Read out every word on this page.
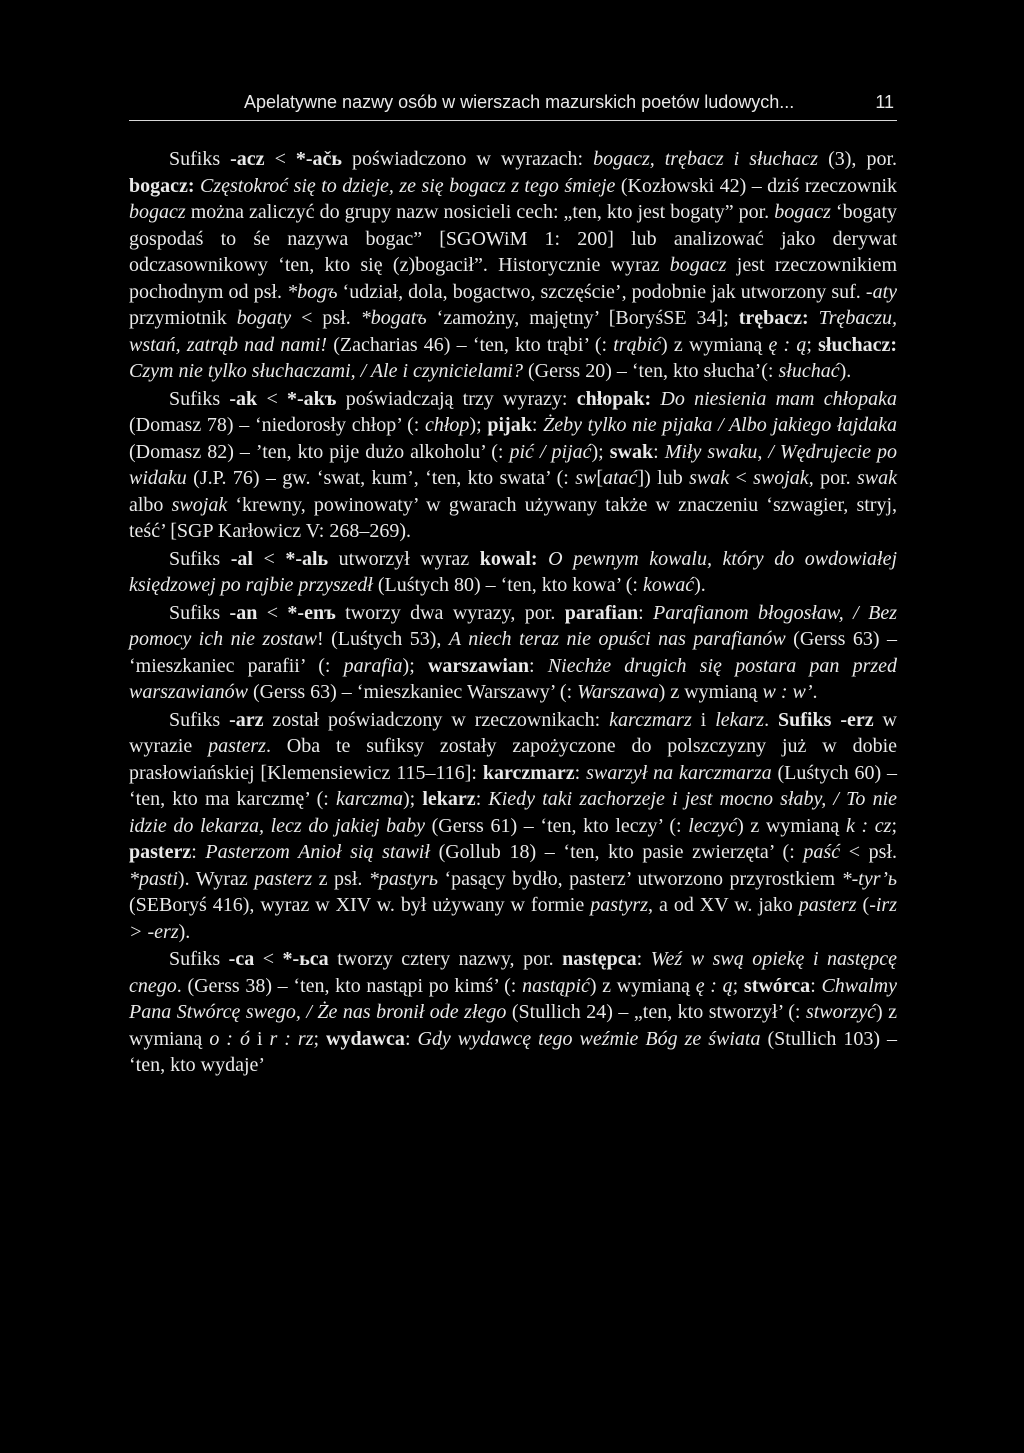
Apelatywne nazwy osób w wierszach mazurskich poetów ludowych...	11

Sufiks -acz < *-ačь poświadczono w wyrazach: bogacz, trębacz i słuchacz (3), por. bogacz: Częstokroć się to dzieje, ze się bogacz z tego śmieje (Kozłowski 42) – dziś rzeczownik bogacz można zaliczyć do grupy nazw nosicieli cech: „ten, kto jest bogaty” por. bogacz ‘bogaty gospodaś to śe nazywa bogac” [SGOWiM 1: 200] lub analizować jako derywat odczasownikowy ‘ten, kto się (z)bogacił”. Historycznie wyraz bogacz jest rzeczownikiem pochodnym od psł. *bogъ ‘udział, dola, bogactwo, szczęście’, podobnie jak utworzony suf. -aty przymiotnik bogaty < psł. *bogatъ ‘zamożny, majętny’ [BoryśSE 34]; trębacz: Trębaczu, wstań, zatrąb nad nami! (Zacharias 46) – ‘ten, kto trąbi’ (: trąbić) z wymianą ę : ą; słuchacz: Czym nie tylko słuchaczami, / Ale i czynicielami? (Gerss 20) – ‘ten, kto słucha’(: słuchać).

Sufiks -ak < *-akъ poświadczają trzy wyrazy: chłopak: Do niesienia mam chłopaka (Domasz 78) – ‘niedorosły chłop’ (: chłop); pijak: Żeby tylko nie pijaka / Albo jakiego łajdaka (Domasz 82) – ’ten, kto pije dużo alkoholu’ (: pić / pijać); swak: Miły swaku, / Wędrujecie po widaku (J.P. 76) – gw. ‘swat, kum’, ‘ten, kto swata’ (: sw[atać]) lub swak < swojak, por. swak albo swojak ‘krewny, powinowaty’ w gwarach używany także w znaczeniu ‘szwagier, stryj, teść’ [SGP Karłowicz V: 268–269).

Sufiks -al < *-alь utworzył wyraz kowal: O pewnym kowalu, który do owdowiałej księdzowej po rajbie przyszedł (Luśtych 80) – ‘ten, kto kowa’ (: kować).

Sufiks -an < *-enъ tworzy dwa wyrazy, por. parafian: Parafianom błogosław, / Bez pomocy ich nie zostaw! (Luśtych 53), A niech teraz nie opuści nas parafianów (Gerss 63) – ‘mieszkaniec parafii’ (: parafia); warszawian: Niechże drugich się postara pan przed warszawianów (Gerss 63) – ‘mieszkaniec Warszawy’ (: Warszawa) z wymianą w : w’.

Sufiks -arz został poświadczony w rzeczownikach: karczmarz i lekarz. Sufiks -erz w wyrazie pasterz. Oba te sufiksy zostały zapożyczone do polszczyzny już w dobie prasłowiańskiej [Klemensiewicz 115–116]: karczmarz: swarzył na karczmarza (Luśtych 60) – ‘ten, kto ma karczmę’ (: karczma); lekarz: Kiedy taki zachorzeje i jest mocno słaby, / To nie idzie do lekarza, lecz do jakiej baby (Gerss 61) – ‘ten, kto leczy’ (: leczyć) z wymianą k : cz; pasterz: Pasterzom Anioł sią stawił (Gollub 18) – ‘ten, kto pasie zwierzęta’ (: paść < psł. *pasti). Wyraz pasterz z psł. *pastyrь ‘pasący bydło, pasterz’ utworzono przyrostkiem *-tyr’ь (SEBoryś 416), wyraz w XIV w. był używany w formie pastyrz, a od XV w. jako pasterz (-irz > -erz).

Sufiks -ca < *-ьca tworzy cztery nazwy, por. następca: Weź w swą opiekę i następcę cnego. (Gerss 38) – ‘ten, kto nastąpi po kimś’ (: nastąpić) z wymianą ę : ą; stwórca: Chwalmy Pana Stwórcę swego, / Że nas bronił ode złego (Stullich 24) – „ten, kto stworzył’ (: stworzyć) z wymianą o : ó i r : rz; wydawca: Gdy wydawcę tego weźmie Bóg ze świata (Stullich 103) – ‘ten, kto wydaje’
